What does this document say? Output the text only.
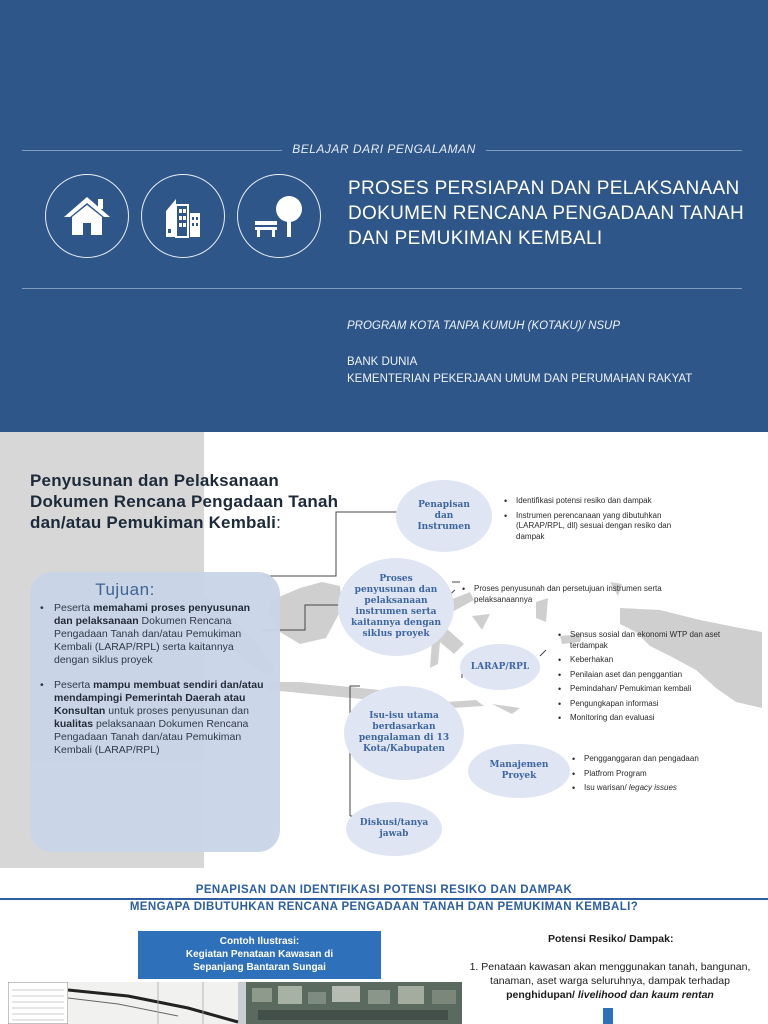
BELAJAR DARI PENGALAMAN
PROSES PERSIAPAN DAN PELAKSANAAN DOKUMEN RENCANA PENGADAAN TANAH DAN PEMUKIMAN KEMBALI
PROGRAM KOTA TANPA KUMUH (KOTAKU)/ NSUP
BANK DUNIA
KEMENTERIAN PEKERJAAN UMUM DAN PERUMAHAN RAKYAT
Penyusunan dan Pelaksanaan
Dokumen Rencana Pengadaan Tanah
dan/atau Pemukiman Kembali:
Tujuan:
• Peserta memahami proses penyusunan dan pelaksanaan Dokumen Rencana Pengadaan Tanah dan/atau Pemukiman Kembali (LARAP/RPL) serta kaitannya dengan siklus proyek
• Peserta mampu membuat sendiri dan/atau mendampingi Pemerintah Daerah atau Konsultan untuk proses penyusunan dan kualitas pelaksanaan Dokumen Rencana Pengadaan Tanah dan/atau Pemukiman Kembali (LARAP/RPL)
Penapisan dan Instrumen
Proses penyusunan dan pelaksanaan instrumen serta kaitannya dengan siklus proyek
LARAP/RPL
Isu-isu utama berdasarkan pengalaman di 13 Kota/Kabupaten
Manajemen Proyek
Diskusi/tanya jawab
• Identifikasi potensi resiko dan dampak
• Instrumen perencanaan yang dibutuhkan (LARAP/RPL, dll) sesuai dengan resiko dan dampak
• Proses penyusunah dan persetujuan instrumen serta pelaksanaannya
• Sensus sosial dan ekonomi WTP dan aset terdampak
• Keberhakan
• Penilaian aset dan penggantian
• Pemindahan/ Pemukiman kembali
• Pengungkapan informasi
• Monitoring dan evaluasi
• Pengganggaran dan pengadaan
• Platfrom Program
• Isu warisan/ legacy issues
PENAPISAN DAN IDENTIFIKASI POTENSI RESIKO DAN DAMPAK
MENGAPA DIBUTUHKAN RENCANA PENGADAAN TANAH DAN PEMUKIMAN KEMBALI?
Contoh Ilustrasi:
Kegiatan Penataan Kawasan di
Sepanjang Bantaran Sungai
Potensi Resiko/ Dampak:
1. Penataan kawasan akan menggunakan tanah, bangunan, tanaman, aset warga seluruhnya, dampak terhadap penghidupan/ livelihood dan kaum rentan
